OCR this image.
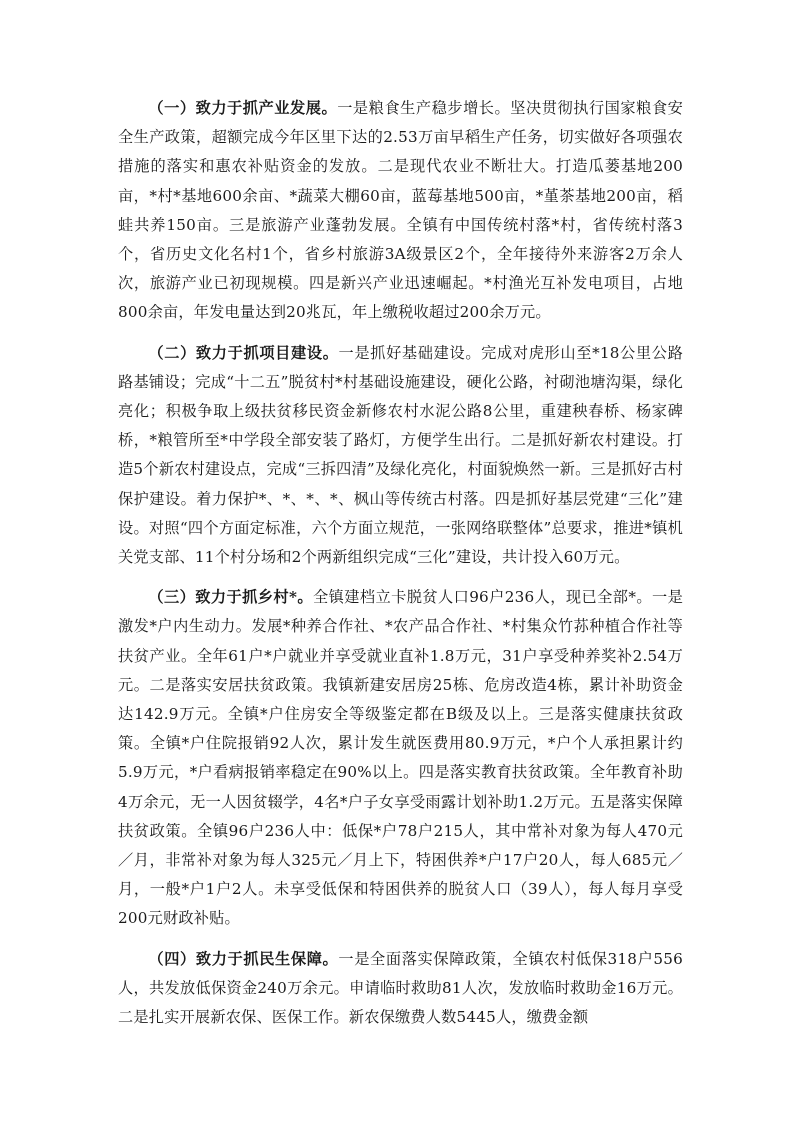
（一）致力于抓产业发展。一是粮食生产稳步增长。坚决贯彻执行国家粮食安全生产政策，超额完成今年区里下达的2.53万亩早稻生产任务，切实做好各项强农措施的落实和惠农补贴资金的发放。二是现代农业不断壮大。打造瓜蒌基地200亩，*村*基地600余亩、*蔬菜大棚60亩，蓝莓基地500亩，*堇茶基地200亩，稻蛙共养150亩。三是旅游产业蓬勃发展。全镇有中国传统村落*村，省传统村落3个，省历史文化名村1个，省乡村旅游3A级景区2个，全年接待外来游客2万余人次，旅游产业已初现规模。四是新兴产业迅速崛起。*村渔光互补发电项目，占地800余亩，年发电量达到20兆瓦，年上缴税收超过200余万元。

（二）致力于抓项目建设。一是抓好基础建设。完成对虎形山至*18公里公路路基铺设；完成“十二五”脱贫村*村基础设施建设，硬化公路，衬砌池塘沟渠，绿化亮化；积极争取上级扶贫移民资金新修农村水泥公路8公里，重建秧春桥、杨家碑桥，*粮管所至*中学段全部安装了路灯，方便学生出行。二是抓好新农村建设。打造5个新农村建设点，完成“三拆四清”及绿化亮化，村面貌焕然一新。三是抓好古村保护建设。着力保护*、*、*、*、枫山等传统古村落。四是抓好基层党建“三化”建设。对照“四个方面定标准，六个方面立规范，一张网络联整体”总要求，推进*镇机关党支部、11个村分场和2个两新组织完成“三化”建设，共计投入60万元。

（三）致力于抓乡村*。全镇建档立卡脱贫人口96户236人，现已全部*。一是激发*户内生动力。发展*种养合作社、*农产品合作社、*村集众竹荪种植合作社等扶贫产业。全年61户*户就业并享受就业直补1.8万元，31户享受种养奖补2.54万元。二是落实安居扶贫政策。我镇新建安居房25栋、危房改造4栋，累计补助资金达142.9万元。全镇*户住房安全等级鉴定都在B级及以上。三是落实健康扶贫政策。全镇*户住院报销92人次，累计发生就医费用80.9万元，*户个人承担累计约5.9万元，*户看病报销率稳定在90%以上。四是落实教育扶贫政策。全年教育补助4万余元，无一人因贫辍学，4名*户子女享受雨露计划补助1.2万元。五是落实保障扶贫政策。全镇96户236人中：低保*户78户215人，其中常补对象为每人470元／月，非常补对象为每人325元／月上下，特困供养*户17户20人，每人685元／月，一般*户1户2人。未享受低保和特困供养的脱贫人口（39人），每人每月享受200元财政补贴。

（四）致力于抓民生保障。一是全面落实保障政策，全镇农村低保318户556人，共发放低保资金240万余元。申请临时救助81人次，发放临时救助金16万元。二是扎实开展新农保、医保工作。新农保缴费人数5445人，缴费金额
